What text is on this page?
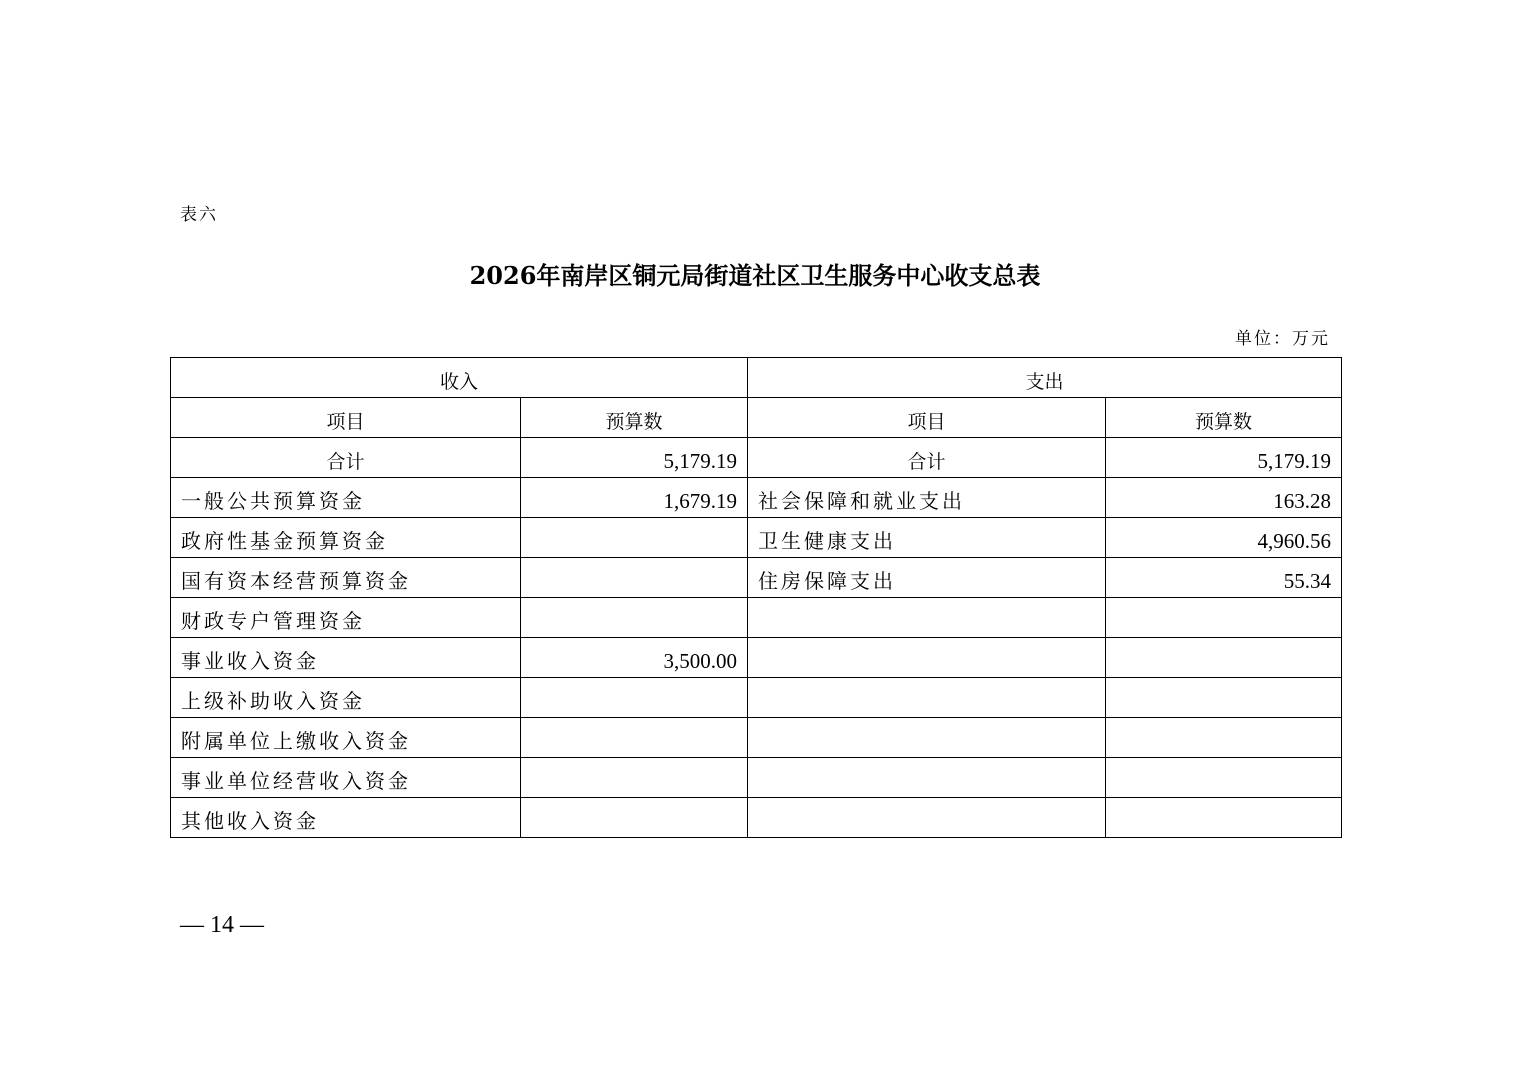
表六
2026年南岸区铜元局街道社区卫生服务中心收支总表
单位：万元
收入		支出	
项目	预算数	项目	预算数
合计	5,179.19	合计	5,179.19
一般公共预算资金	1,679.19	社会保障和就业支出	163.28
政府性基金预算资金		卫生健康支出	4,960.56
国有资本经营预算资金		住房保障支出	55.34
财政专户管理资金			
事业收入资金	3,500.00		
上级补助收入资金			
附属单位上缴收入资金			
事业单位经营收入资金			
其他收入资金			
— 14 —
